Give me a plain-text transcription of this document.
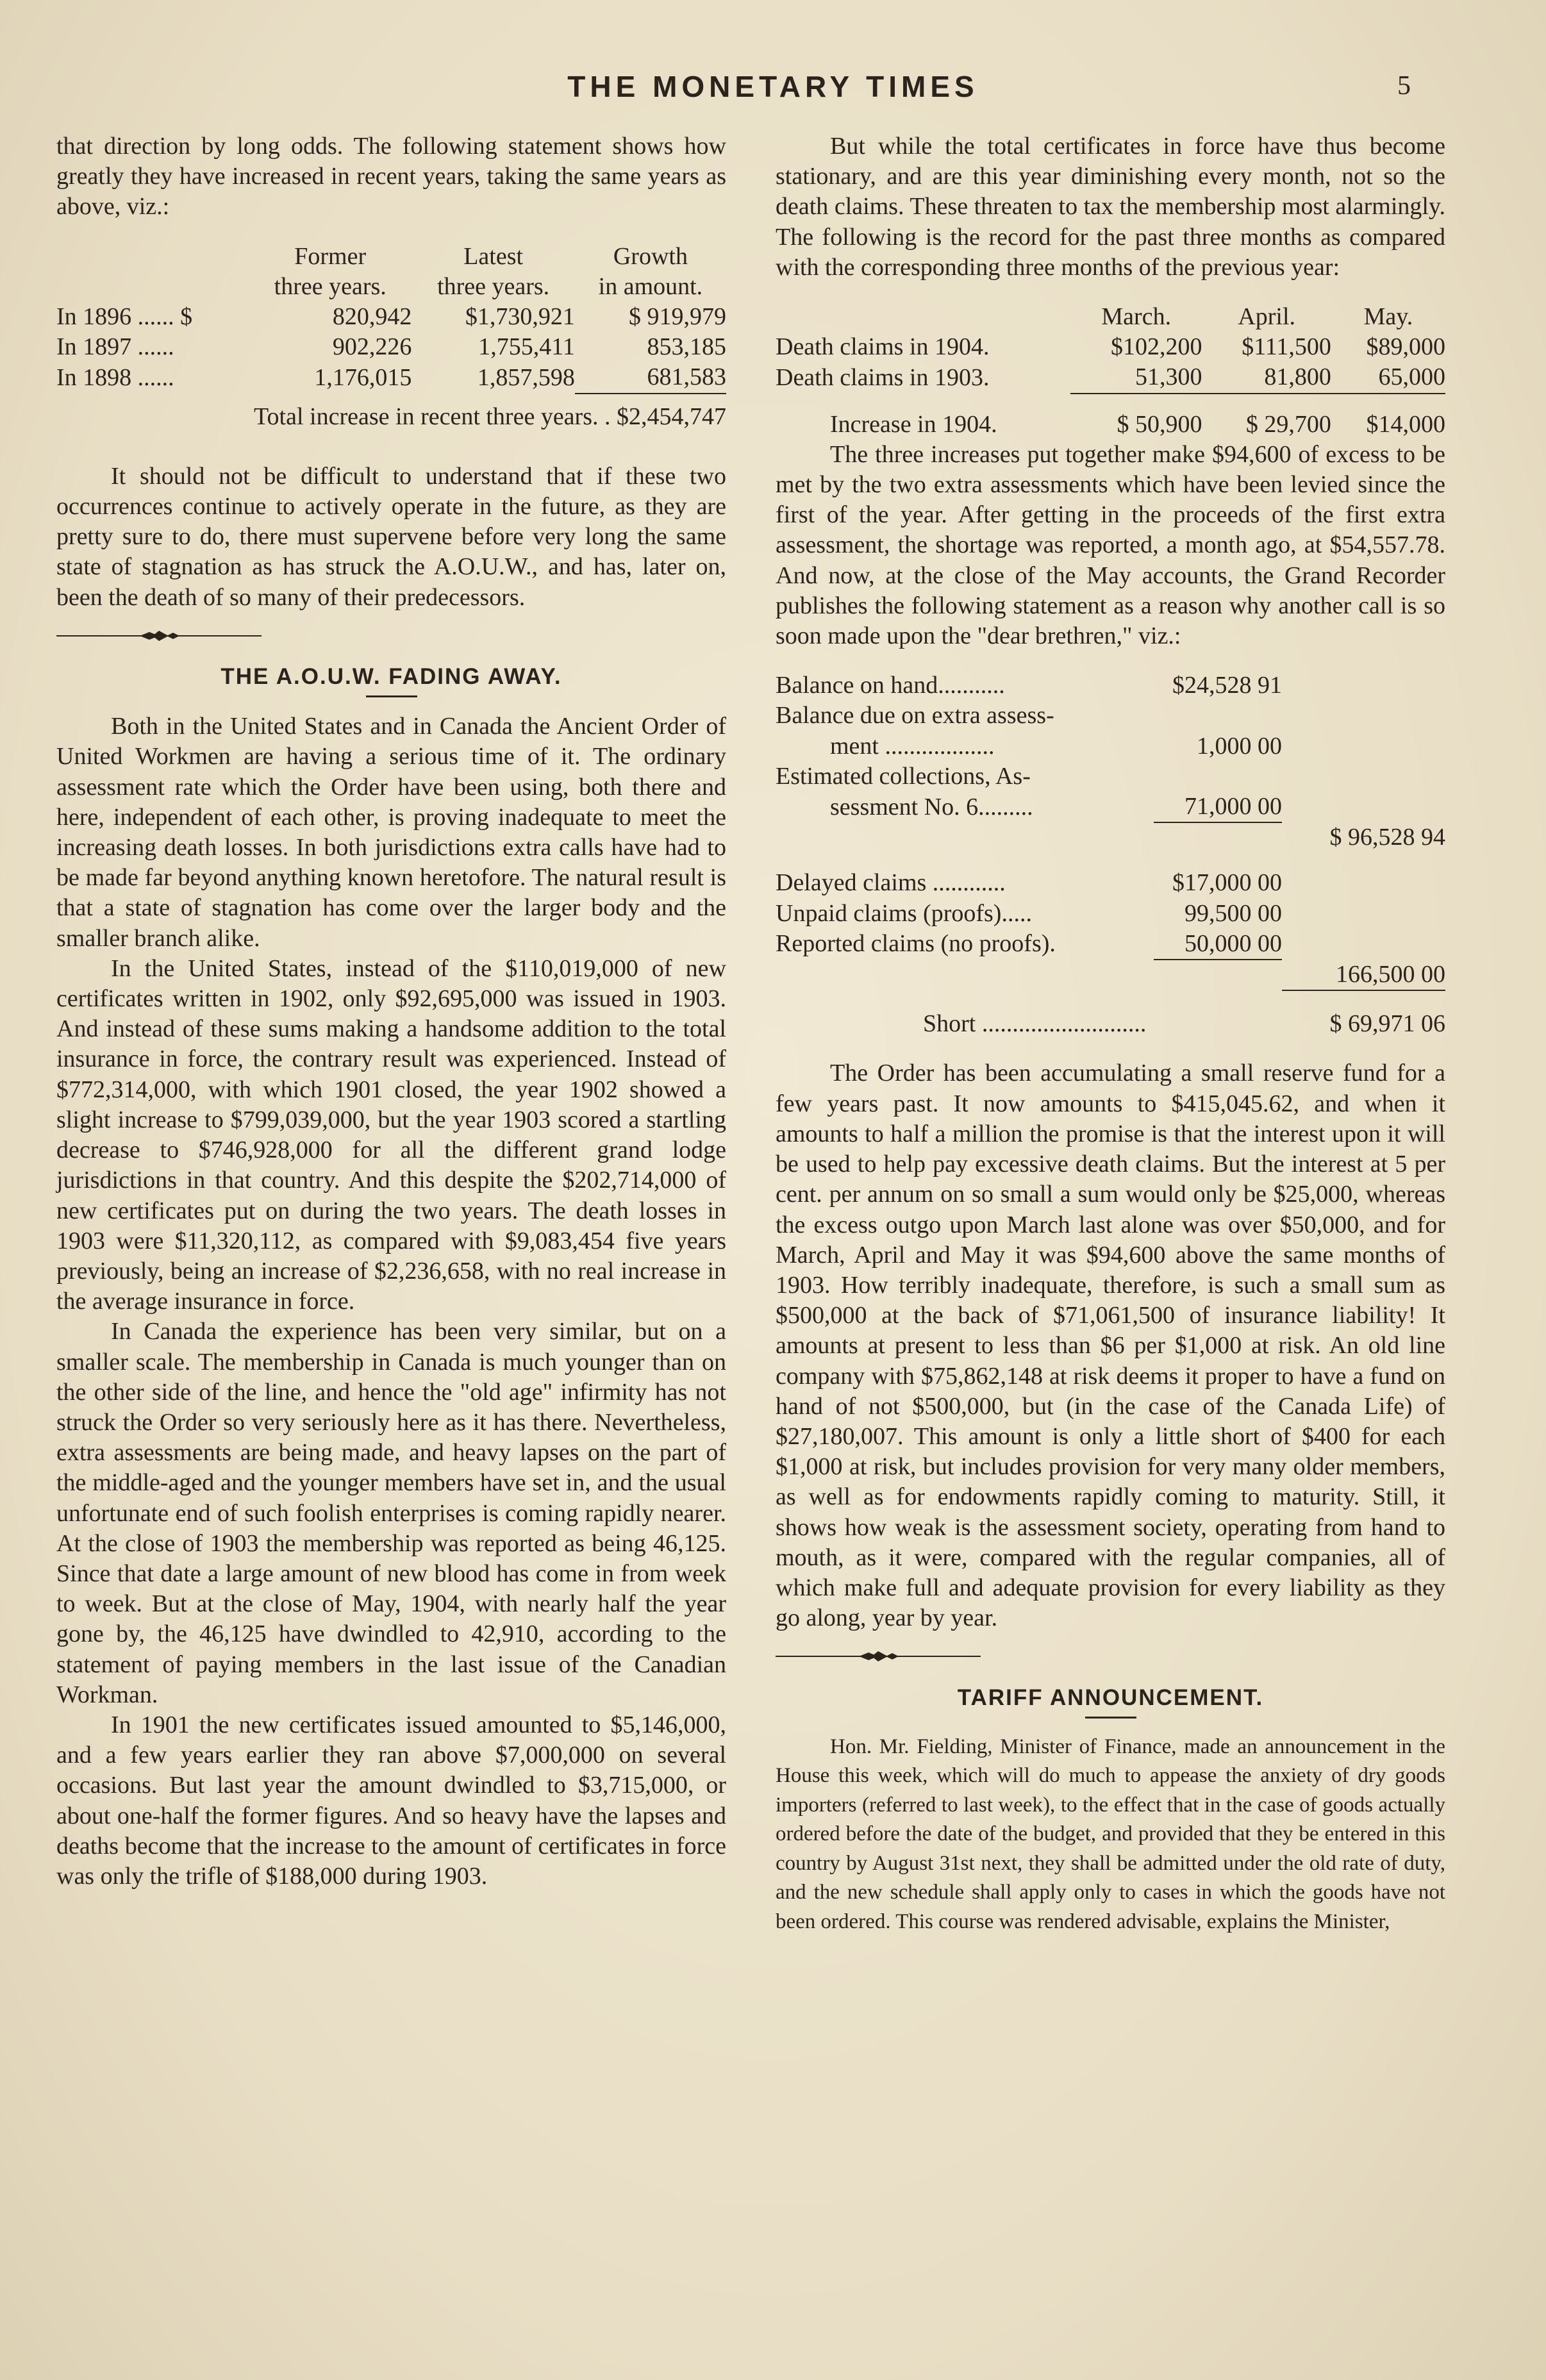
THE MONETARY TIMES	5

that direction by long odds. The following statement shows how greatly they have increased in recent years, taking the same years as above, viz.:

	Former	Latest	Growth
	three years.	three years.	in amount.
In 1896 ...... $	820,942	$1,730,921	$ 919,979
In 1897 ......	902,226	1,755,411	853,185
In 1898 ......	1,176,015	1,857,598	681,583
Total increase in recent three years. . $2,454,747

It should not be difficult to understand that if these two occurrences continue to actively operate in the future, as they are pretty sure to do, there must supervene before very long the same state of stagnation as has struck the A.O.U.W., and has, later on, been the death of so many of their predecessors.

THE A.O.U.W. FADING AWAY.

Both in the United States and in Canada the Ancient Order of United Workmen are having a serious time of it. The ordinary assessment rate which the Order have been using, both there and here, independent of each other, is proving inadequate to meet the increasing death losses. In both jurisdictions extra calls have had to be made far beyond anything known heretofore. The natural result is that a state of stagnation has come over the larger body and the smaller branch alike.

In the United States, instead of the $110,019,000 of new certificates written in 1902, only $92,695,000 was issued in 1903. And instead of these sums making a handsome addition to the total insurance in force, the contrary result was experienced. Instead of $772,314,000, with which 1901 closed, the year 1902 showed a slight increase to $799,039,000, but the year 1903 scored a startling decrease to $746,928,000 for all the different grand lodge jurisdictions in that country. And this despite the $202,714,000 of new certificates put on during the two years. The death losses in 1903 were $11,320,112, as compared with $9,083,454 five years previously, being an increase of $2,236,658, with no real increase in the average insurance in force.

In Canada the experience has been very similar, but on a smaller scale. The membership in Canada is much younger than on the other side of the line, and hence the "old age" infirmity has not struck the Order so very seriously here as it has there. Nevertheless, extra assessments are being made, and heavy lapses on the part of the middle-aged and the younger members have set in, and the usual unfortunate end of such foolish enterprises is coming rapidly nearer. At the close of 1903 the membership was reported as being 46,125. Since that date a large amount of new blood has come in from week to week. But at the close of May, 1904, with nearly half the year gone by, the 46,125 have dwindled to 42,910, according to the statement of paying members in the last issue of the Canadian Workman.

In 1901 the new certificates issued amounted to $5,146,000, and a few years earlier they ran above $7,000,000 on several occasions. But last year the amount dwindled to $3,715,000, or about one-half the former figures. And so heavy have the lapses and deaths become that the increase to the amount of certificates in force was only the trifle of $188,000 during 1903.

But while the total certificates in force have thus become stationary, and are this year diminishing every month, not so the death claims. These threaten to tax the membership most alarmingly. The following is the record for the past three months as compared with the corresponding three months of the previous year:

	March.	April.	May.
Death claims in 1904.	$102,200	$111,500	$89,000
Death claims in 1903.	51,300	81,800	65,000

Increase in 1904.	$ 50,900	$ 29,700	$14,000

The three increases put together make $94,600 of excess to be met by the two extra assessments which have been levied since the first of the year. After getting in the proceeds of the first extra assessment, the shortage was reported, a month ago, at $54,557.78. And now, at the close of the May accounts, the Grand Recorder publishes the following statement as a reason why another call is so soon made upon the "dear brethren," viz.:

Balance on hand...........	$24,528 91	
Balance due on extra assess-		
ment ..................	1,000 00	
Estimated collections, As-		
sessment No. 6.........	71,000 00	
		$ 96,528 94

Delayed claims ............	$17,000 00	
Unpaid claims (proofs).....	99,500 00	
Reported claims (no proofs).	50,000 00	
		166,500 00

Short ...........................		$ 69,971 06

The Order has been accumulating a small reserve fund for a few years past. It now amounts to $415,045.62, and when it amounts to half a million the promise is that the interest upon it will be used to help pay excessive death claims. But the interest at 5 per cent. per annum on so small a sum would only be $25,000, whereas the excess outgo upon March last alone was over $50,000, and for March, April and May it was $94,600 above the same months of 1903. How terribly inadequate, therefore, is such a small sum as $500,000 at the back of $71,061,500 of insurance liability! It amounts at present to less than $6 per $1,000 at risk. An old line company with $75,862,148 at risk deems it proper to have a fund on hand of not $500,000, but (in the case of the Canada Life) of $27,180,007. This amount is only a little short of $400 for each $1,000 at risk, but includes provision for very many older members, as well as for endowments rapidly coming to maturity. Still, it shows how weak is the assessment society, operating from hand to mouth, as it were, compared with the regular companies, all of which make full and adequate provision for every liability as they go along, year by year.

TARIFF ANNOUNCEMENT.

Hon. Mr. Fielding, Minister of Finance, made an announcement in the House this week, which will do much to appease the anxiety of dry goods importers (referred to last week), to the effect that in the case of goods actually ordered before the date of the budget, and provided that they be entered in this country by August 31st next, they shall be admitted under the old rate of duty, and the new schedule shall apply only to cases in which the goods have not been ordered. This course was rendered advisable, explains the Minister,
